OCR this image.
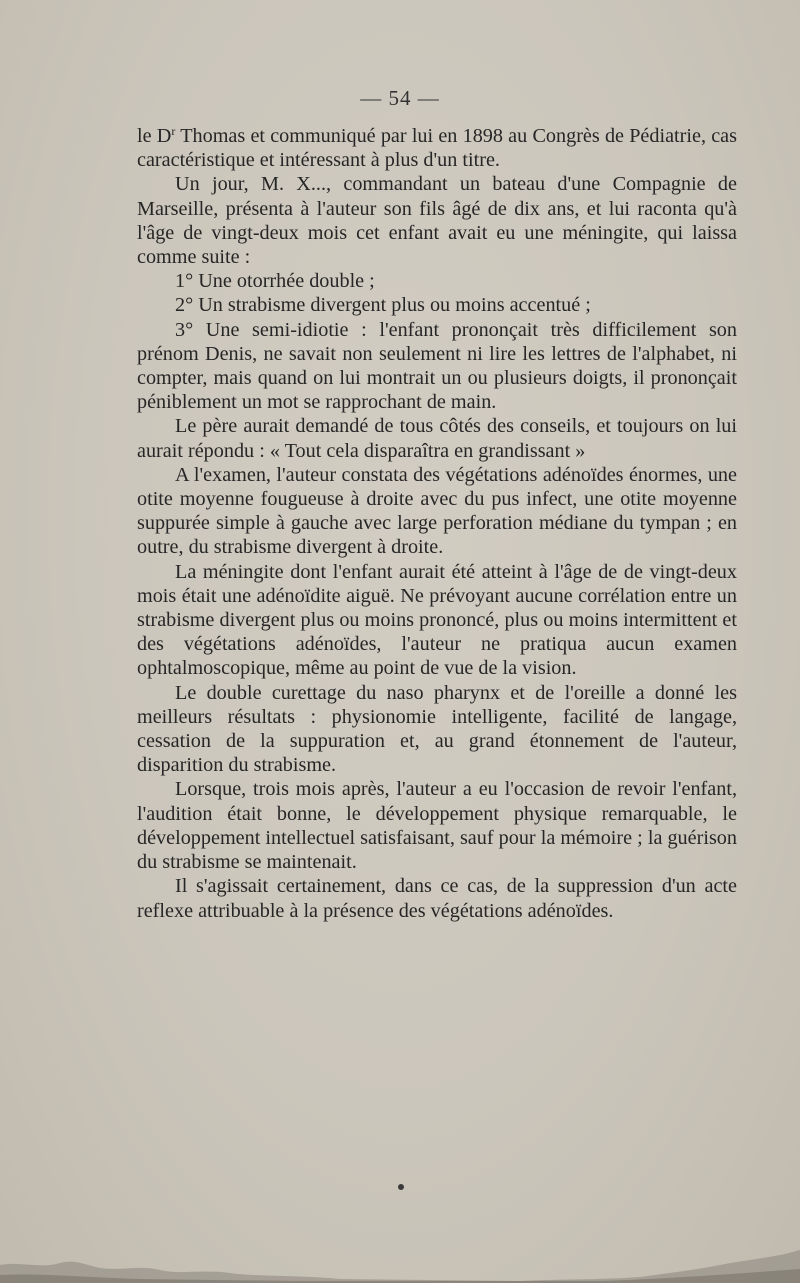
— 54 —

le $D^r$ Thomas et communiqué par lui en 1898 au Congrès de Pédiatrie, cas caractéristique et intéressant à plus d'un titre.

Un jour, M. X..., commandant un bateau d'une Compagnie de Marseille, présenta à l'auteur son fils âgé de dix ans, et lui raconta qu'à l'âge de vingt-deux mois cet enfant avait eu une méningite, qui laissa comme suite :

1° Une otorrhée double ;

2° Un strabisme divergent plus ou moins accentué ;

3° Une semi-idiotie : l'enfant prononçait très difficilement son prénom Denis, ne savait non seulement ni lire les lettres de l'alphabet, ni compter, mais quand on lui montrait un ou plusieurs doigts, il prononçait péniblement un mot se rapprochant de main.

Le père aurait demandé de tous côtés des conseils, et toujours on lui aurait répondu : « Tout cela disparaîtra en grandissant »

A l'examen, l'auteur constata des végétations adénoïdes énormes, une otite moyenne fougueuse à droite avec du pus infect, une otite moyenne suppurée simple à gauche avec large perforation médiane du tympan ; en outre, du strabisme divergent à droite.

La méningite dont l'enfant aurait été atteint à l'âge de de vingt-deux mois était une adénoïdite aiguë. Ne prévoyant aucune corrélation entre un strabisme divergent plus ou moins prononcé, plus ou moins intermittent et des végétations adénoïdes, l'auteur ne pratiqua aucun examen ophtalmoscopique, même au point de vue de la vision.

Le double curettage du naso pharynx et de l'oreille a donné les meilleurs résultats : physionomie intelligente, facilité de langage, cessation de la suppuration et, au grand étonnement de l'auteur, disparition du strabisme.

Lorsque, trois mois après, l'auteur a eu l'occasion de revoir l'enfant, l'audition était bonne, le développement physique remarquable, le développement intellectuel satisfaisant, sauf pour la mémoire ; la guérison du strabisme se maintenait.

Il s'agissait certainement, dans ce cas, de la suppression d'un acte reflexe attribuable à la présence des végétations adénoïdes.
